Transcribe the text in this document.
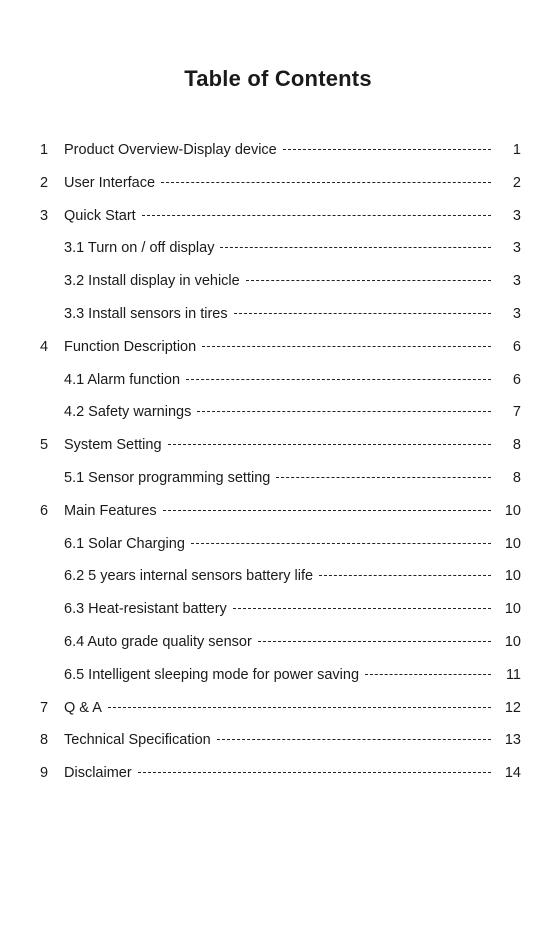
Table of Contents
1 Product Overview-Display device	1
2 User Interface	2
3 Quick Start	3
3.1 Turn on / off display	3
3.2 Install display in vehicle	3
3.3 Install sensors in tires	3
4 Function Description	6
4.1 Alarm function	6
4.2 Safety warnings	7
5 System Setting	8
5.1 Sensor programming setting	8
6 Main Features	10
6.1 Solar Charging	10
6.2 5 years internal sensors battery life	10
6.3 Heat-resistant battery	10
6.4 Auto grade quality sensor	10
6.5 Intelligent sleeping mode for power saving	11
7 Q & A	12
8 Technical Specification	13
9 Disclaimer	14
